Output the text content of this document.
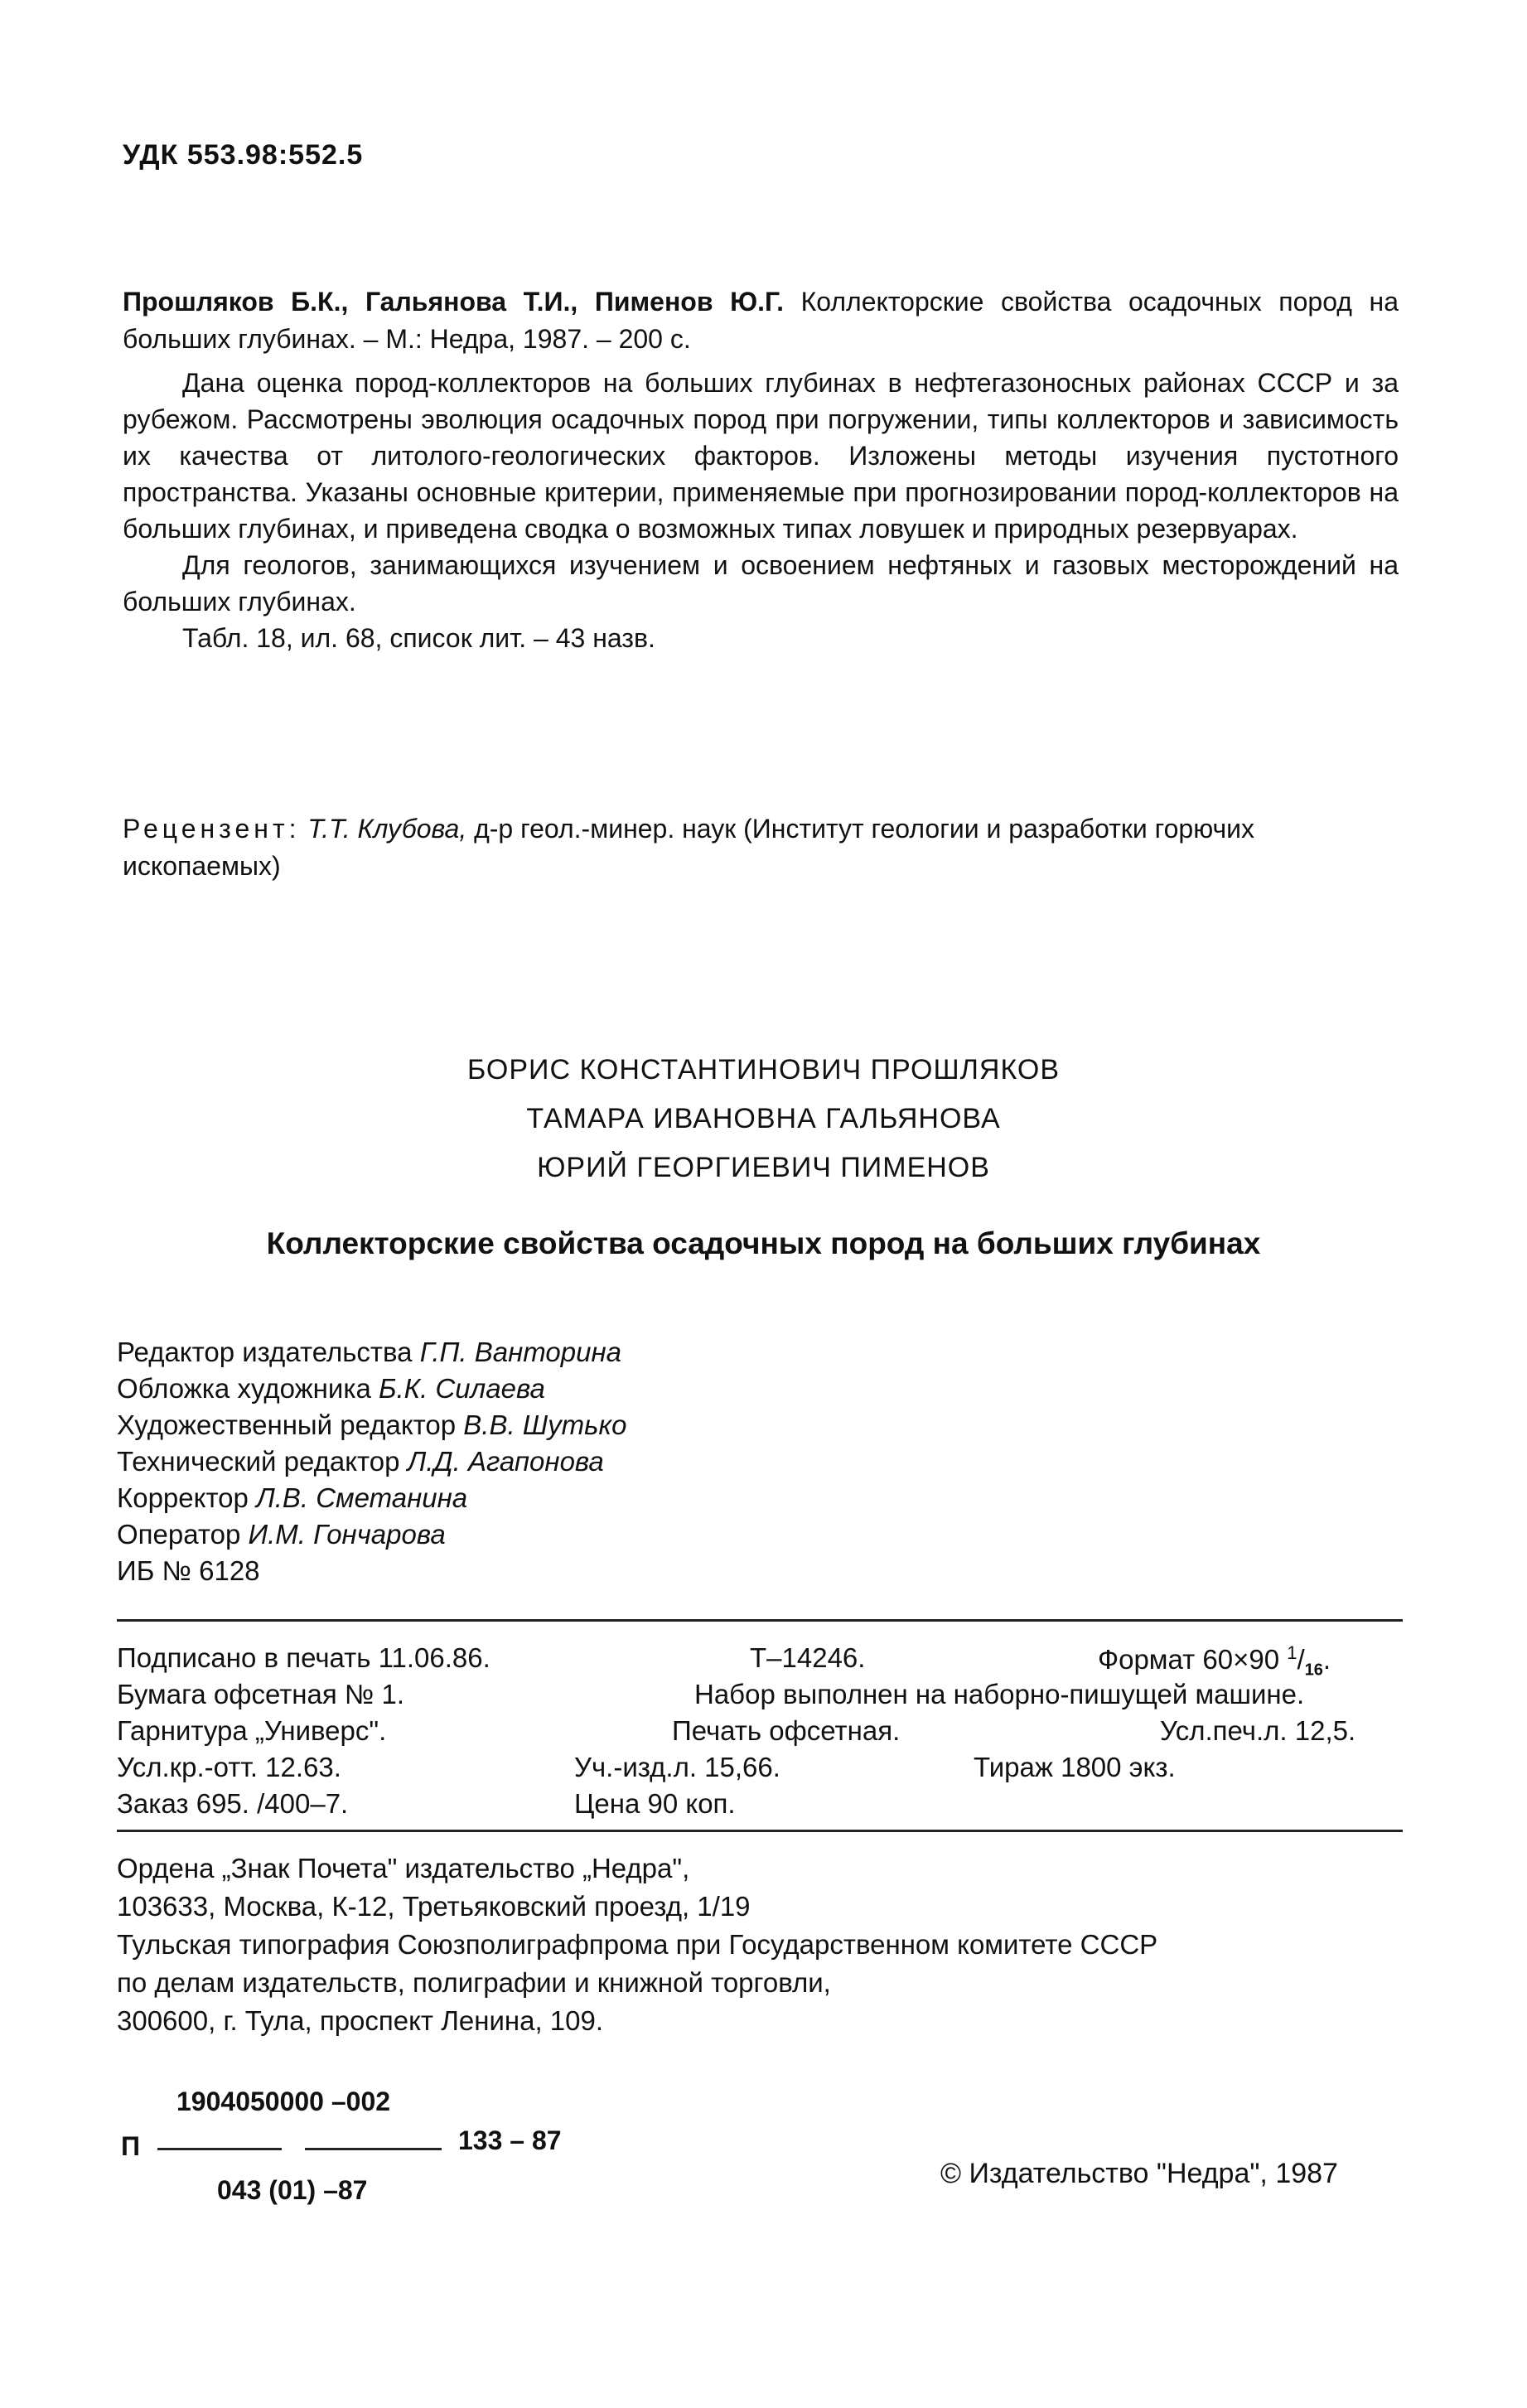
УДК 553.98:552.5
Прошляков Б.К., Гальянова Т.И., Пименов Ю.Г. Коллекторские свойства осадочных пород на больших глубинах. – М.: Недра, 1987. – 200 с.

Дана оценка пород-коллекторов на больших глубинах в нефтегазоносных районах СССР и за рубежом. Рассмотрены эволюция осадочных пород при погружении, типы коллекторов и зависимость их качества от литолого-геологических факторов. Изложены методы изучения пустотного пространства. Указаны основные критерии, применяемые при прогнозировании пород-коллекторов на больших глубинах, и приведена сводка о возможных типах ловушек и природных резервуарах.

Для геологов, занимающихся изучением и освоением нефтяных и газовых месторождений на больших глубинах.

Табл. 18, ил. 68, список лит. – 43 назв.

Рецензент: Т.Т. Клубова, д-р геол.-минер. наук (Институт геологии и разработки горючих ископаемых)
БОРИС КОНСТАНТИНОВИЧ ПРОШЛЯКОВ
ТАМАРА ИВАНОВНА ГАЛЬЯНОВА
ЮРИЙ ГЕОРГИЕВИЧ ПИМЕНОВ
Коллекторские свойства осадочных пород на больших глубинах
Редактор издательства Г.П. Ванторина
Обложка художника Б.К. Силаева
Художественный редактор В.В. Шутько
Технический редактор Л.Д. Агапонова
Корректор Л.В. Сметанина
Оператор И.М. Гончарова
ИБ № 6128
Подписано в печать 11.06.86.	Т–14246.	Формат 60×90 $^1/_{16}$.
Бумага офсетная № 1.	Набор выполнен на наборно-пишущей машине.
Гарнитура „Универс".	Печать офсетная.	Усл.печ.л. 12,5.
Усл.кр.-отт. 12.63.	Уч.-изд.л. 15,66.	Тираж 1800 экз.
Заказ 695. /400–7.	Цена 90 коп.
Ордена „Знак Почета" издательство „Недра",
103633, Москва, К-12, Третьяковский проезд, 1/19
Тульская типография Союзполиграфпрома при Государственном комитете СССР
по делам издательств, полиграфии и книжной торговли,
300600, г. Тула, проспект Ленина, 109.
1904050000 –002
П	133 – 87
043 (01) –87
© Издательство "Недра", 1987
